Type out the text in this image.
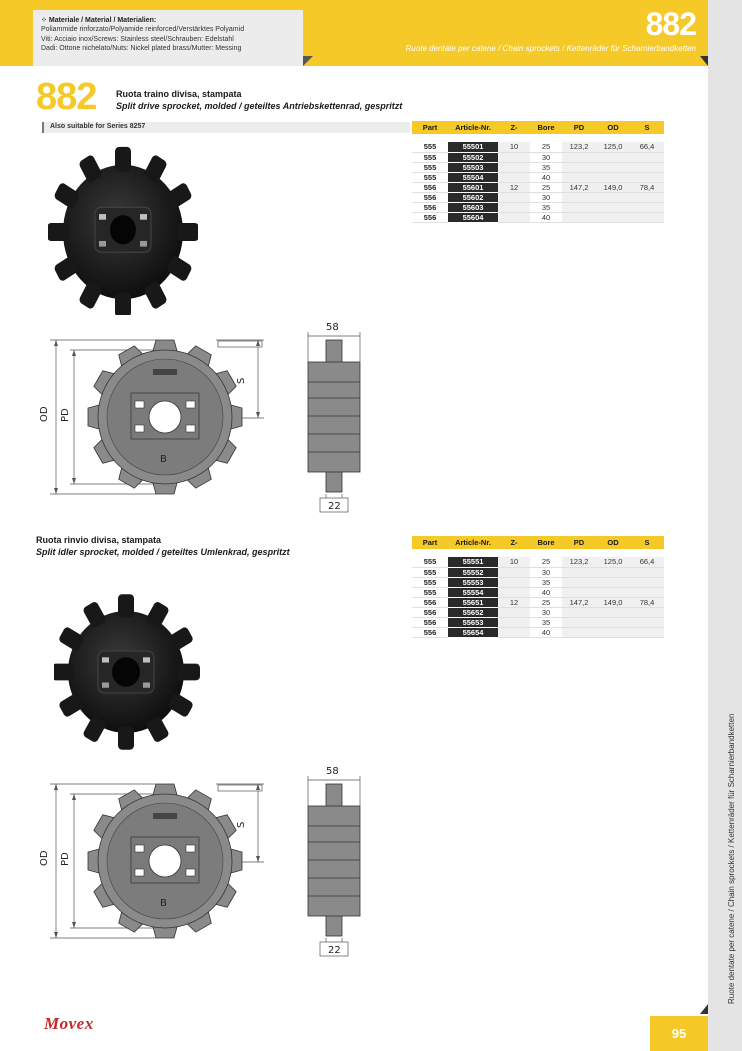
⁘ Materiale / Material / Materialien:
Poliammide rinforzato/Polyamide reinforced/Verstärktes Polyamid
Viti: Acciaio inox/Screws: Stainless steel/Schrauben: Edelstahl
Dadi: Ottone nichelato/Nuts: Nickel plated brass/Mutter: Messing
882
Ruote dentate per catene / Chain sprockets / Kettenräder für Scharnierbandketten
Ruote dentate per catene / Chain sprockets / Kettenräder für Scharnierbandketten
882 Ruota traino divisa, stampata
Split drive sprocket, molded / geteiltes Antriebskettenrad, gespritzt
Also suitable for Series 8257	Part	Article-Nr.	Z-	Bore	PD	OD	S

555	55501	10	25	123,2	125,0	66,4
555	55502		30			
555	55503		35			
555	55504		40			
556	55601	12	25	147,2	149,0	78,4
556	55602		30			
556	55603		35			
556	55604		40			
OD PD
S
B
58
22
Ruota rinvio divisa, stampata
Split idler sprocket, molded / geteiltes Umlenkrad, gespritzt
Part	Article-Nr.	Z-	Bore	PD	OD	S

555	55551	10	25	123,2	125,0	66,4
555	55552		30			
555	55553		35			
555	55554		40			
556	55651	12	25	147,2	149,0	78,4
556	55652		30			
556	55653		35			
556	55654		40			
OD PD
S
B
58
22
Movex
95
